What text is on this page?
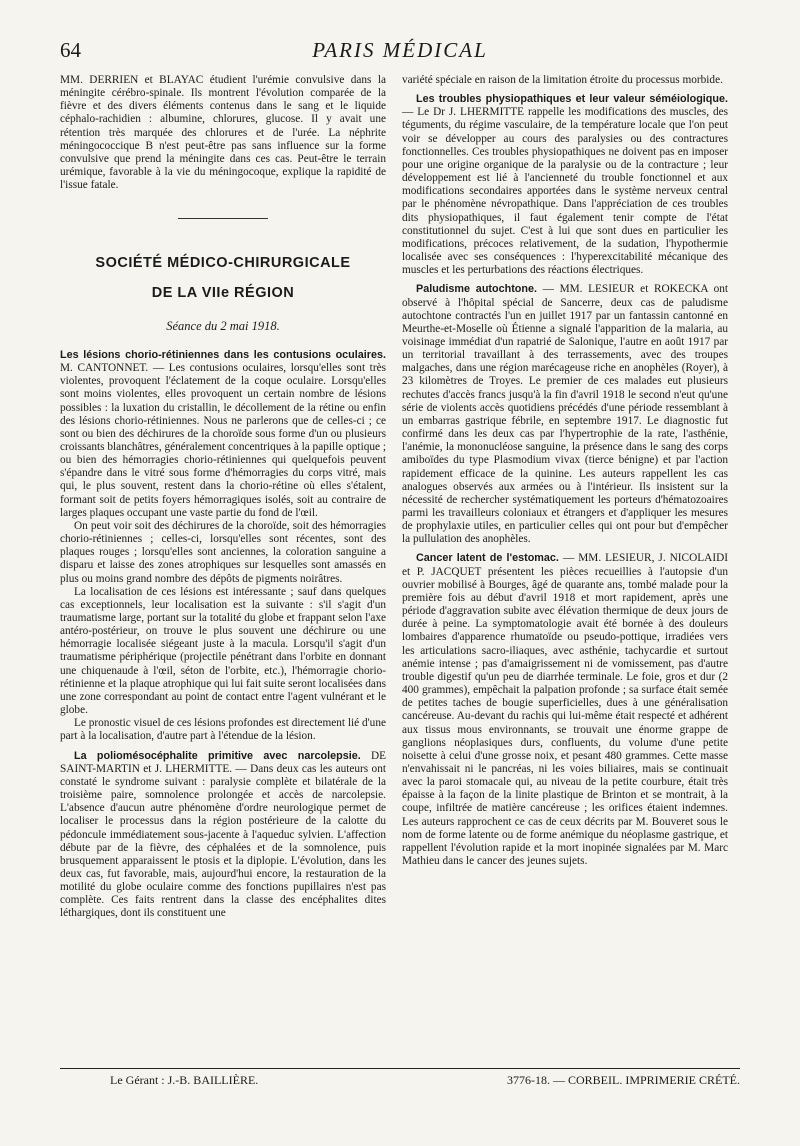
64	PARIS MÉDICAL

MM. DERRIEN et BLAYAC étudient l'urémie convulsive dans la méningite cérébro-spinale. Ils montrent l'évolution comparée de la fièvre et des divers éléments contenus dans le sang et le liquide céphalo-rachidien : albumine, chlorures, glucose. Il y avait une rétention très marquée des chlorures et de l'urée. La néphrite méningococcique B n'est peut-être pas sans influence sur la forme convulsive que prend la méningite dans ces cas. Peut-être le terrain urémique, favorable à la vie du méningocoque, explique la rapidité de l'issue fatale.

SOCIÉTÉ MÉDICO-CHIRURGICALE
DE LA VIIe RÉGION
Séance du 2 mai 1918.

Les lésions chorio-rétiniennes dans les contusions oculaires. M. CANTONNET. — Les contusions oculaires, lorsqu'elles sont très violentes, provoquent l'éclatement de la coque oculaire. Lorsqu'elles sont moins violentes, elles provoquent un certain nombre de lésions possibles : la luxation du cristallin, le décollement de la rétine ou enfin des lésions chorio-rétiniennes. Nous ne parlerons que de celles-ci ; ce sont ou bien des déchirures de la choroïde sous forme d'un ou plusieurs croissants blanchâtres, généralement concentriques à la papille optique ; ou bien des hémorragies chorio-rétiniennes qui quelquefois peuvent s'épandre dans le vitré sous forme d'hémorragies du corps vitré, mais qui, le plus souvent, restent dans la chorio-rétine où elles s'étalent, formant soit de petits foyers hémorragiques isolés, soit au contraire de larges plaques occupant une vaste partie du fond de l'œil.

On peut voir soit des déchirures de la choroïde, soit des hémorragies chorio-rétiniennes ; celles-ci, lorsqu'elles sont récentes, sont des plaques rouges ; lorsqu'elles sont anciennes, la coloration sanguine a disparu et laisse des zones atrophiques sur lesquelles sont amassés en plus ou moins grand nombre des dépôts de pigments noirâtres.

La localisation de ces lésions est intéressante ; sauf dans quelques cas exceptionnels, leur localisation est la suivante : s'il s'agit d'un traumatisme large, portant sur la totalité du globe et frappant selon l'axe antéro-postérieur, on trouve le plus souvent une déchirure ou une hémorragie localisée siégeant juste à la macula. Lorsqu'il s'agit d'un traumatisme périphérique (projectile pénétrant dans l'orbite en donnant une chiquenaude à l'œil, séton de l'orbite, etc.), l'hémorragie chorio-rétinienne et la plaque atrophique qui lui fait suite seront localisées dans une zone correspondant au point de contact entre l'agent vulnérant et le globe.

Le pronostic visuel de ces lésions profondes est directement lié d'une part à la localisation, d'autre part à l'étendue de la lésion.

La poliomésocéphalite primitive avec narcolepsie. DE SAINT-MARTIN et J. LHERMITTE. — Dans deux cas les auteurs ont constaté le syndrome suivant : paralysie complète et bilatérale de la troisième paire, somnolence prolongée et accès de narcolepsie. L'absence d'aucun autre phénomène d'ordre neurologique permet de localiser le processus dans la région postérieure de la calotte du pédoncule immédiatement sous-jacente à l'aqueduc sylvien. L'affection débute par de la fièvre, des céphalées et de la somnolence, puis brusquement apparaissent le ptosis et la diplopie. L'évolution, dans les deux cas, fut favorable, mais, aujourd'hui encore, la restauration de la motilité du globe oculaire comme des fonctions pupillaires n'est pas complète. Ces faits rentrent dans la classe des encéphalites dites léthargiques, dont ils constituent une

variété spéciale en raison de la limitation étroite du processus morbide.

Les troubles physiopathiques et leur valeur séméiologique. — Le Dr J. LHERMITTE rappelle les modifications des muscles, des téguments, du régime vasculaire, de la température locale que l'on peut voir se développer au cours des paralysies ou des contractures fonctionnelles. Ces troubles physiopathiques ne doivent pas en imposer pour une origine organique de la paralysie ou de la contracture ; leur développement est lié à l'ancienneté du trouble fonctionnel et aux modifications secondaires apportées dans le système nerveux central par le phénomène névropathique. Dans l'appréciation de ces troubles dits physiopathiques, il faut également tenir compte de l'état constitutionnel du sujet. C'est à lui que sont dues en particulier les modifications, précoces relativement, de la sudation, l'hypothermie localisée avec ses conséquences : l'hyperexcitabilité mécanique des muscles et les perturbations des réactions électriques.

Paludisme autochtone. — MM. LESIEUR et ROKECKA ont observé à l'hôpital spécial de Sancerre, deux cas de paludisme autochtone contractés l'un en juillet 1917 par un fantassin cantonné en Meurthe-et-Moselle où Étienne a signalé l'apparition de la malaria, au voisinage immédiat d'un rapatrié de Salonique, l'autre en août 1917 par un territorial travaillant à des terrassements, avec des troupes malgaches, dans une région marécageuse riche en anophèles (Royer), à 23 kilomètres de Troyes. Le premier de ces malades eut plusieurs rechutes d'accès francs jusqu'à la fin d'avril 1918 le second n'eut qu'une série de violents accès quotidiens précédés d'une période ressemblant à un embarras gastrique fébrile, en septembre 1917. Le diagnostic fut confirmé dans les deux cas par l'hypertrophie de la rate, l'asthénie, l'anémie, la mononucléose sanguine, la présence dans le sang des corps amiboïdes du type Plasmodium vivax (tierce bénigne) et par l'action rapidement efficace de la quinine. Les auteurs rappellent les cas analogues observés aux armées ou à l'intérieur. Ils insistent sur la nécessité de rechercher systématiquement les porteurs d'hématozoaires parmi les travailleurs coloniaux et étrangers et d'appliquer les mesures de prophylaxie utiles, en particulier celles qui ont pour but d'empêcher la pullulation des anophèles.

Cancer latent de l'estomac. — MM. LESIEUR, J. NICOLAIDI et P. JACQUET présentent les pièces recueillies à l'autopsie d'un ouvrier mobilisé à Bourges, âgé de quarante ans, tombé malade pour la première fois au début d'avril 1918 et mort rapidement, après une période d'aggravation subite avec élévation thermique de deux jours de durée à peine. La symptomatologie avait été bornée à des douleurs lombaires d'apparence rhumatoïde ou pseudo-pottique, irradiées vers les articulations sacro-iliaques, avec asthénie, tachycardie et surtout anémie intense ; pas d'amaigrissement ni de vomissement, pas d'autre trouble digestif qu'un peu de diarrhée terminale. Le foie, gros et dur (2 400 grammes), empêchait la palpation profonde ; sa surface était semée de petites taches de bougie superficielles, dues à une généralisation cancéreuse. Au-devant du rachis qui lui-même était respecté et adhérent aux tissus mous environnants, se trouvait une énorme grappe de ganglions néoplasiques durs, confluents, du volume d'une petite noisette à celui d'une grosse noix, et pesant 480 grammes. Cette masse n'envahissait ni le pancréas, ni les voies biliaires, mais se continuait avec la paroi stomacale qui, au niveau de la petite courbure, était très épaisse à la façon de la linite plastique de Brinton et se montrait, à la coupe, infiltrée de matière cancéreuse ; les orifices étaient indemnes. Les auteurs rapprochent ce cas de ceux décrits par M. Bouveret sous le nom de forme latente ou de forme anémique du néoplasme gastrique, et rappellent l'évolution rapide et la mort inopinée signalées par M. Marc Mathieu dans le cancer des jeunes sujets.

Le Gérant : J.-B. BAILLIÈRE.	3776-18. — CORBEIL. IMPRIMERIE CRÉTÉ.
